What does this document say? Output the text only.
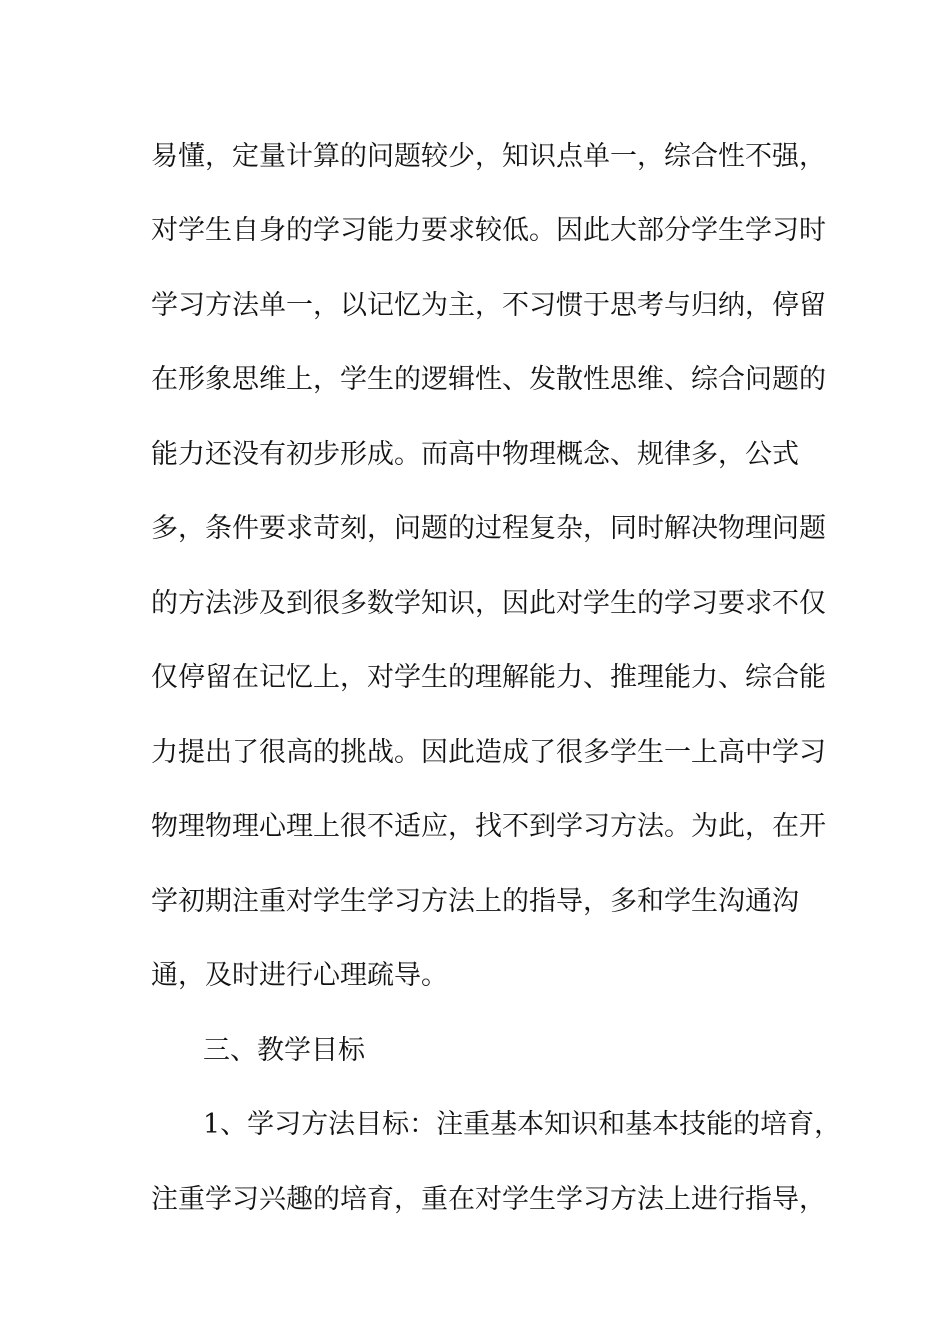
易懂，定量计算的问题较少，知识点单一，综合性不强，
对学生自身的学习能力要求较低。因此大部分学生学习时
学习方法单一，以记忆为主，不习惯于思考与归纳，停留
在形象思维上，学生的逻辑性、发散性思维、综合问题的
能力还没有初步形成。而高中物理概念、规律多，公式
多，条件要求苛刻，问题的过程复杂，同时解决物理问题
的方法涉及到很多数学知识，因此对学生的学习要求不仅
仅停留在记忆上，对学生的理解能力、推理能力、综合能
力提出了很高的挑战。因此造成了很多学生一上高中学习
物理物理心理上很不适应，找不到学习方法。为此，在开
学初期注重对学生学习方法上的指导，多和学生沟通沟
通，及时进行心理疏导。
三、教学目标
1、学习方法目标：注重基本知识和基本技能的培育，
注重学习兴趣的培育，重在对学生学习方法上进行指导，
